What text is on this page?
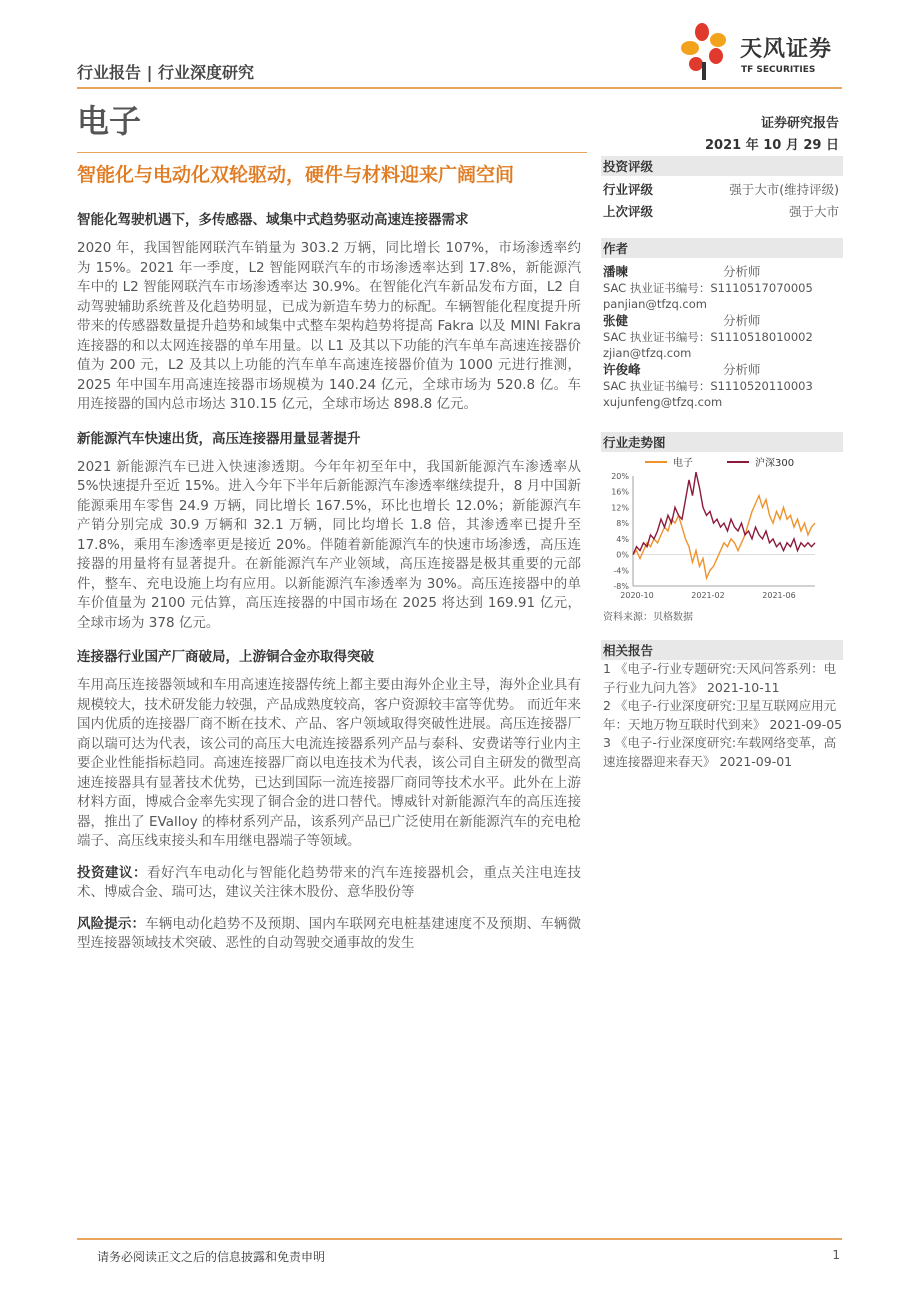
行业报告 | 行业深度研究
天风证券
TF SECURITIES
电子	证券研究报告
2021 年 10 月 29 日
智能化与电动化双轮驱动，硬件与材料迎来广阔空间
智能化驾驶机遇下，多传感器、域集中式趋势驱动高速连接器需求
2020 年，我国智能网联汽车销量为 303.2 万辆，同比增长 107%，市场渗透率约为 15%。2021 年一季度，L2 智能网联汽车的市场渗透率达到 17.8%，新能源汽车中的 L2 智能网联汽车市场渗透率达 30.9%。在智能化汽车新品发布方面，L2 自动驾驶辅助系统普及化趋势明显，已成为新造车势力的标配。车辆智能化程度提升所带来的传感器数量提升趋势和域集中式整车架构趋势将提高 Fakra 以及 MINI Fakra 连接器的和以太网连接器的单车用量。以 L1 及其以下功能的汽车单车高速连接器价值为 200 元，L2 及其以上功能的汽车单车高速连接器价值为 1000 元进行推测，2025 年中国车用高速连接器市场规模为 140.24 亿元，全球市场为 520.8 亿。车用连接器的国内总市场达 310.15 亿元，全球市场达 898.8 亿元。
新能源汽车快速出货，高压连接器用量显著提升
2021 新能源汽车已进入快速渗透期。今年年初至年中，我国新能源汽车渗透率从 5%快速提升至近 15%。进入今年下半年后新能源汽车渗透率继续提升，8 月中国新能源乘用车零售 24.9 万辆，同比增长 167.5%，环比也增长 12.0%；新能源汽车产销分别完成 30.9 万辆和 32.1 万辆，同比均增长 1.8 倍，其渗透率已提升至 17.8%，乘用车渗透率更是接近 20%。伴随着新能源汽车的快速市场渗透，高压连接器的用量将有显著提升。在新能源汽车产业领域，高压连接器是极其重要的元部件，整车、充电设施上均有应用。以新能源汽车渗透率为 30%。高压连接器中的单车价值量为 2100 元估算，高压连接器的中国市场在 2025 将达到 169.91 亿元，全球市场为 378 亿元。
连接器行业国产厂商破局，上游铜合金亦取得突破
车用高压连接器领域和车用高速连接器传统上都主要由海外企业主导，海外企业具有规模较大，技术研发能力较强，产品成熟度较高，客户资源较丰富等优势。 而近年来国内优质的连接器厂商不断在技术、产品、客户领域取得突破性进展。高压连接器厂商以瑞可达为代表，该公司的高压大电流连接器系列产品与泰科、安费诺等行业内主要企业性能指标趋同。高速连接器厂商以电连技术为代表，该公司自主研发的微型高速连接器具有显著技术优势，已达到国际一流连接器厂商同等技术水平。此外在上游材料方面，博威合金率先实现了铜合金的进口替代。博威针对新能源汽车的高压连接器，推出了 EValloy 的棒材系列产品，该系列产品已广泛使用在新能源汽车的充电枪端子、高压线束接头和车用继电器端子等领域。
投资建议：看好汽车电动化与智能化趋势带来的汽车连接器机会，重点关注电连技术、博威合金、瑞可达，建议关注徕木股份、意华股份等
风险提示：车辆电动化趋势不及预期、国内车联网充电桩基建速度不及预期、车辆微型连接器领域技术突破、恶性的自动驾驶交通事故的发生
投资评级
行业评级	强于大市(维持评级)
上次评级	强于大市
作者
潘暕	分析师
SAC 执业证书编号：S1110517070005
panjian@tfzq.com
张健	分析师
SAC 执业证书编号：S1110518010002
zjian@tfzq.com
许俊峰	分析师
SAC 执业证书编号：S1110520110003
xujunfeng@tfzq.com
行业走势图
电子	沪深300
20%
16%
12%
8%
4%
0%
-4%
-8%
2020-10	2021-02	2021-06
资料来源：贝格数据
相关报告

1 《电子-行业专题研究:天风问答系列：电子行业九问九答》 2021-10-11

2 《电子-行业深度研究:卫星互联网应用元年：天地万物互联时代到来》 2021-09-05

3 《电子-行业深度研究:车载网络变革，高速连接器迎来春天》 2021-09-01

请务必阅读正文之后的信息披露和免责申明	1
